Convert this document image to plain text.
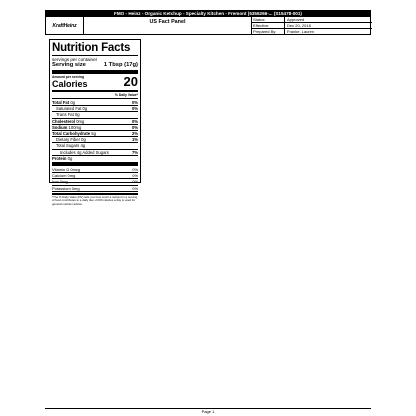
FMO - Heinz - Organic Ketchup - Specialty Kitchen - Fremont (5356266-... (S15478-001)
KraftHeinz
US Fact Panel	Status:	Approved
Effective:	Dec 20, 2018
Prepared By:	Franke, Lauren
Nutrition Facts
servings per container
Serving size	1 Tbsp (17g)
Amount per serving
Calories	20
% Daily Value*
Total Fat 0g	0%
Saturated Fat 0g	0%
Trans Fat 0g
Cholesterol 0mg	0%
Sodium 100mg	0%
Total Carbohydrate 5g	2%
Dietary Fiber 0g	1%
Total Sugars 4g
Includes 4g Added Sugars	7%
Protein 0g
Vitamin D 0mcg	0%
Calcium 0mg	0%
Iron 0mg	0%
Potassium 0mg	0%
*The % Daily Value (DV) tells you how much a nutrient in a serving of food contributes to a daily diet. 2,000 calories a day is used for general nutrition advice.
Page 1
